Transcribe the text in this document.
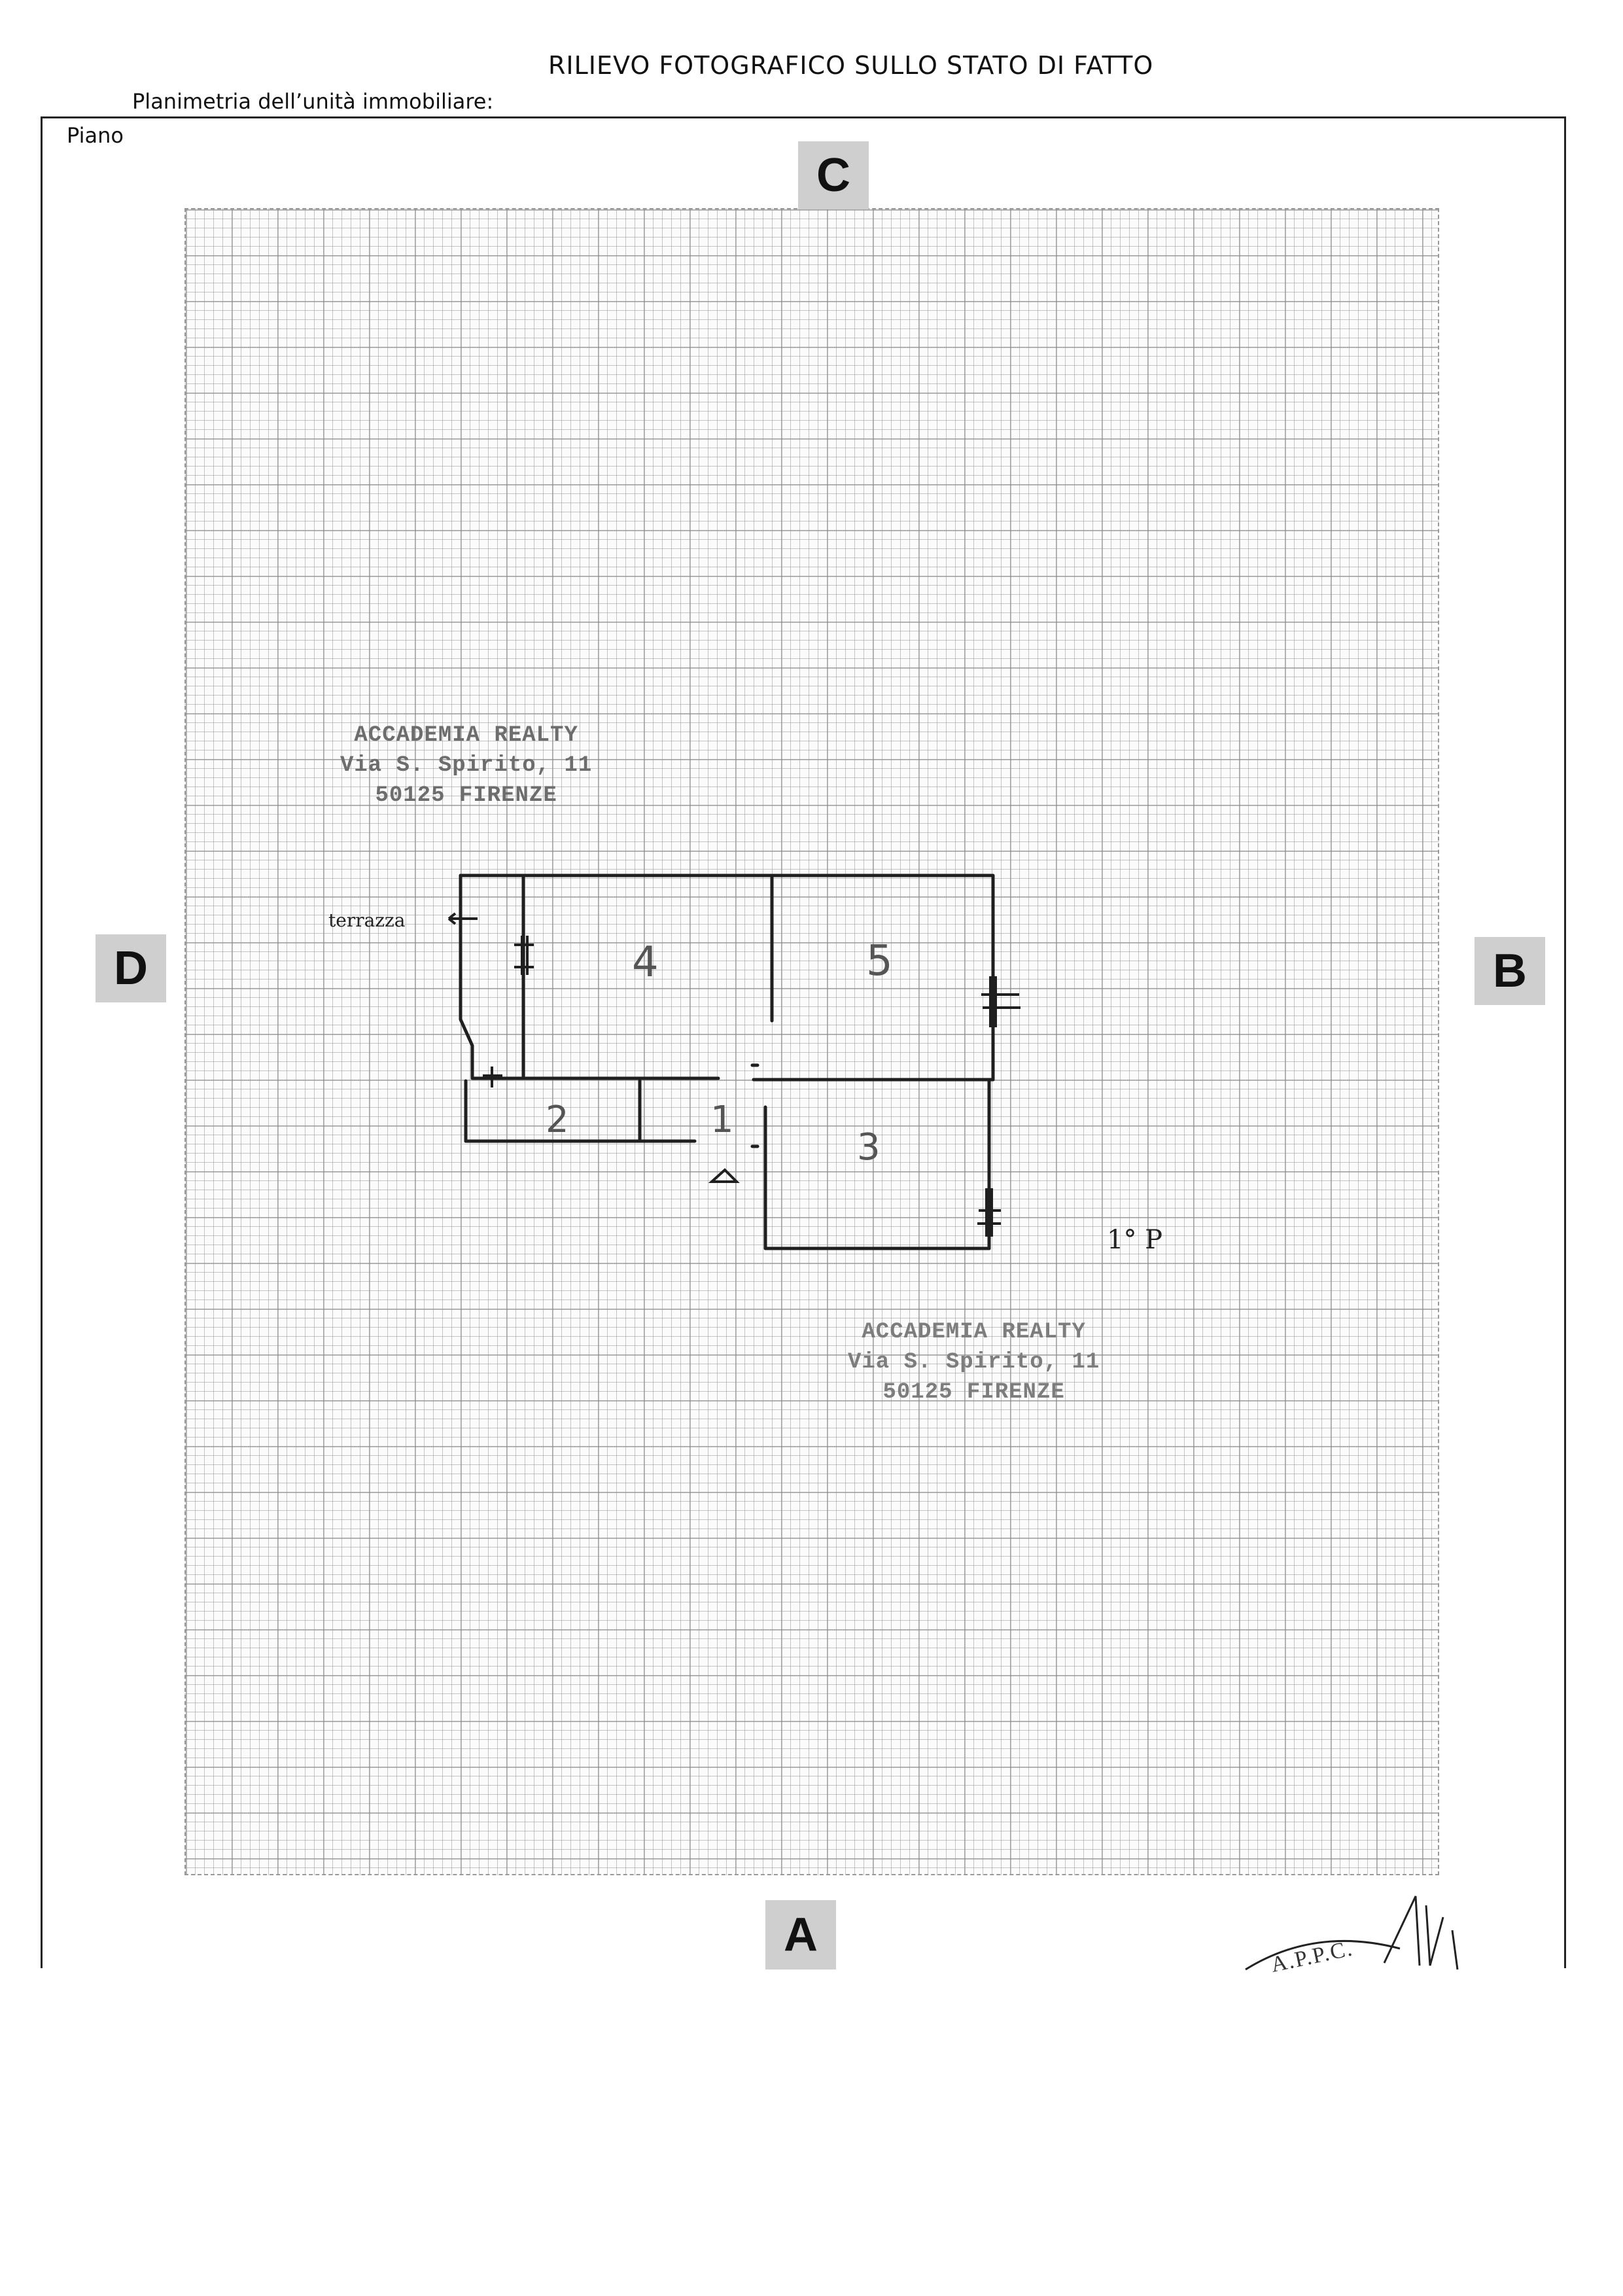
RILIEVO FOTOGRAFICO SULLO STATO DI FATTO
Planimetria dell’unità immobiliare:
Piano
C
D	B
A
ACCADEMIA REALTY
Via S. Spirito, 11
50125 FIRENZE
ACCADEMIA REALTY
Via S. Spirito, 11
50125 FIRENZE
4	5
2	1
3
terrazza
1° P
A.P.P.C.
